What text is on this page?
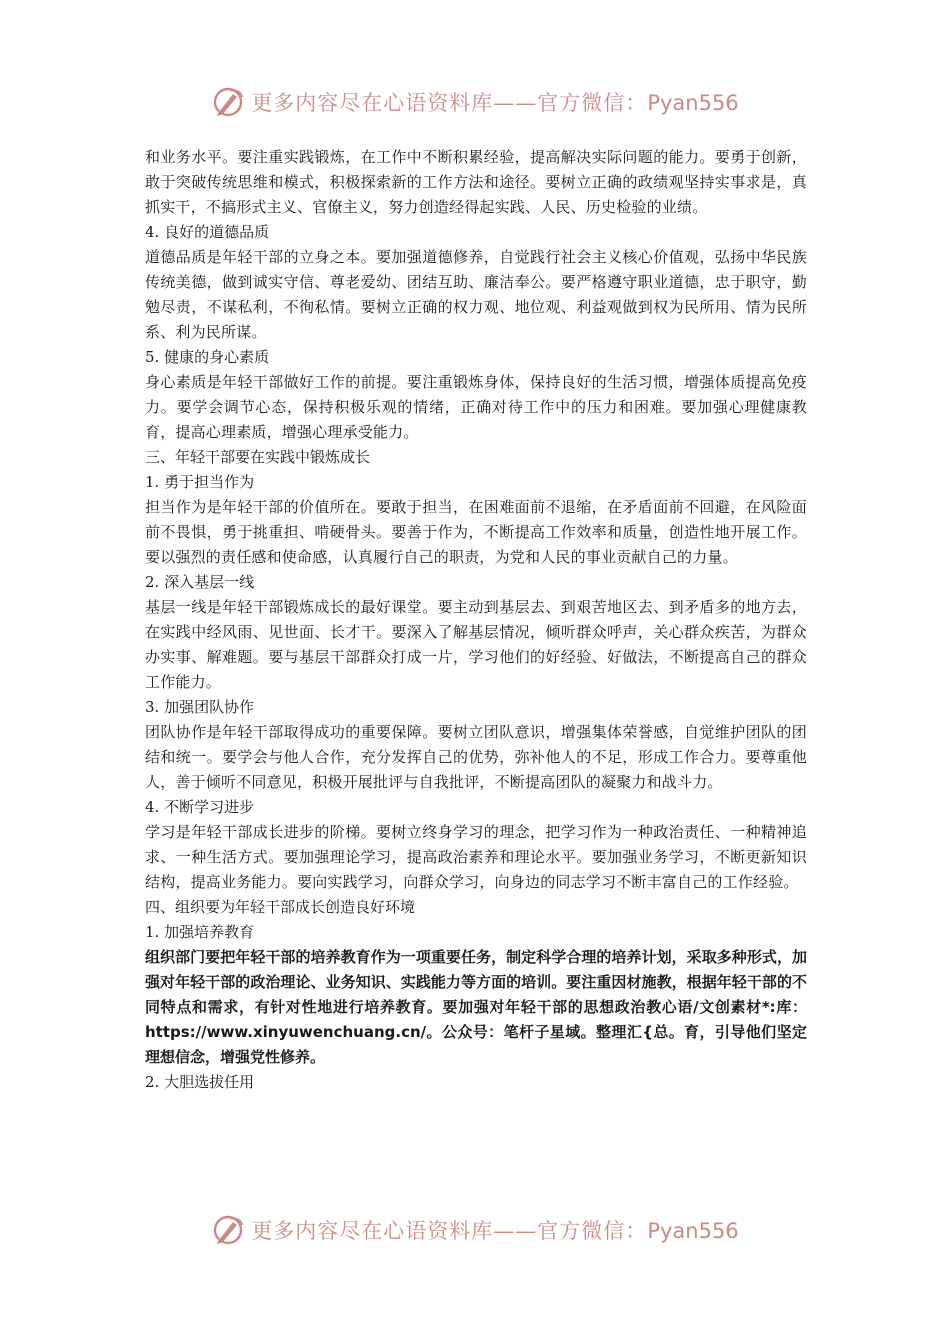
更多内容尽在心语资料库——官方微信：Pyan556

和业务水平。要注重实践锻炼，在工作中不断积累经验，提高解决实际问题的能力。要勇于创新，敢于突破传统思维和模式，积极探索新的工作方法和途径。要树立正确的政绩观坚持实事求是，真抓实干，不搞形式主义、官僚主义，努力创造经得起实践、人民、历史检验的业绩。

4. 良好的道德品质

道德品质是年轻干部的立身之本。要加强道德修养，自觉践行社会主义核心价值观，弘扬中华民族传统美德，做到诚实守信、尊老爱幼、团结互助、廉洁奉公。要严格遵守职业道德，忠于职守，勤勉尽责，不谋私利，不徇私情。要树立正确的权力观、地位观、利益观做到权为民所用、情为民所系、利为民所谋。

5. 健康的身心素质

身心素质是年轻干部做好工作的前提。要注重锻炼身体，保持良好的生活习惯，增强体质提高免疫力。要学会调节心态，保持积极乐观的情绪，正确对待工作中的压力和困难。要加强心理健康教育，提高心理素质，增强心理承受能力。

三、年轻干部要在实践中锻炼成长

1. 勇于担当作为

担当作为是年轻干部的价值所在。要敢于担当，在困难面前不退缩，在矛盾面前不回避，在风险面前不畏惧，勇于挑重担、啃硬骨头。要善于作为，不断提高工作效率和质量，创造性地开展工作。要以强烈的责任感和使命感，认真履行自己的职责，为党和人民的事业贡献自己的力量。

2. 深入基层一线

基层一线是年轻干部锻炼成长的最好课堂。要主动到基层去、到艰苦地区去、到矛盾多的地方去，在实践中经风雨、见世面、长才干。要深入了解基层情况，倾听群众呼声，关心群众疾苦，为群众办实事、解难题。要与基层干部群众打成一片，学习他们的好经验、好做法，不断提高自己的群众工作能力。

3. 加强团队协作

团队协作是年轻干部取得成功的重要保障。要树立团队意识，增强集体荣誉感，自觉维护团队的团结和统一。要学会与他人合作，充分发挥自己的优势，弥补他人的不足，形成工作合力。要尊重他人，善于倾听不同意见，积极开展批评与自我批评，不断提高团队的凝聚力和战斗力。

4. 不断学习进步

学习是年轻干部成长进步的阶梯。要树立终身学习的理念，把学习作为一种政治责任、一种精神追求、一种生活方式。要加强理论学习，提高政治素养和理论水平。要加强业务学习，不断更新知识结构，提高业务能力。要向实践学习，向群众学习，向身边的同志学习不断丰富自己的工作经验。

四、组织要为年轻干部成长创造良好环境

1. 加强培养教育

组织部门要把年轻干部的培养教育作为一项重要任务，制定科学合理的培养计划，采取多种形式，加强对年轻干部的政治理论、业务知识、实践能力等方面的培训。要注重因材施教，根据年轻干部的不同特点和需求，有针对性地进行培养教育。要加强对年轻干部的思想政治教心语/文创素材*:库：https://www.xinyuwenchuang.cn/。公众号：笔杆子星域。整理汇{总。育，引导他们坚定理想信念，增强党性修养。

2. 大胆选拔任用

更多内容尽在心语资料库——官方微信：Pyan556
